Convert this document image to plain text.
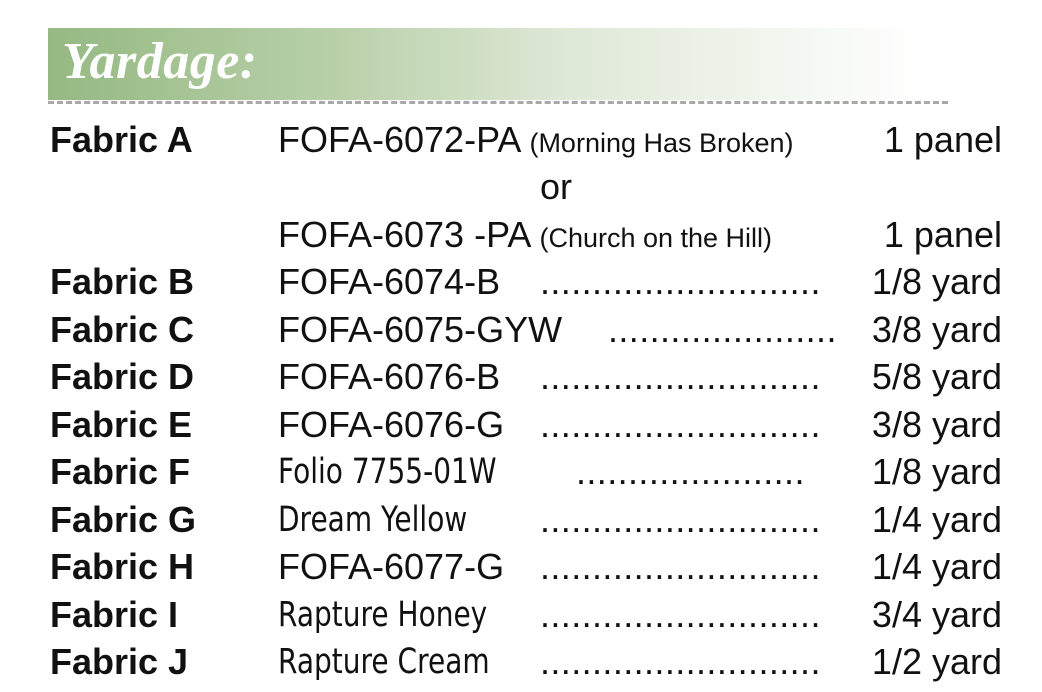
Yardage:
Fabric A FOFA-6072-PA (Morning Has Broken)	1 panel
or
FOFA-6073 -PA (Church on the Hill)	1 panel
Fabric B FOFA-6074-B ...........................	1/8 yard
Fabric C FOFA-6075-GYW ...................... 3/8 yard
Fabric D FOFA-6076-B ...........................	5/8 yard
Fabric E FOFA-6076-G ...........................	3/8 yard
Fabric F	Folio 7755-01W ......................	1/8 yard
Fabric G Dream Yellow ...........................	1/4 yard
Fabric H FOFA-6077-G ...........................	1/4 yard
Fabric I	Rapture Honey ...........................	3/4 yard
Fabric J	Rapture Cream ...........................	1/2 yard
